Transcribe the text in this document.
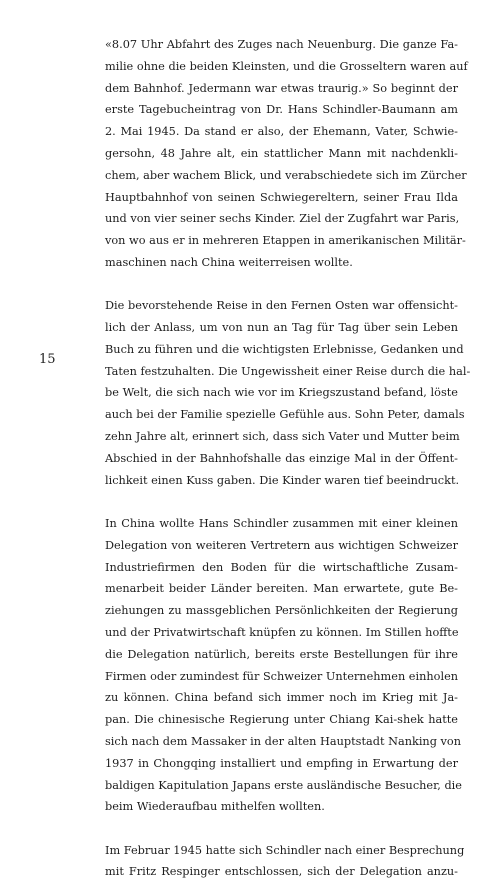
15

«8.07 Uhr Abfahrt des Zuges nach Neuenburg. Die ganze Fa-
milie ohne die beiden Kleinsten, und die Grosseltern waren auf
dem Bahnhof. Jedermann war etwas traurig.» So beginnt der
erste Tagebucheintrag von Dr. Hans Schindler-Baumann am
2. Mai 1945. Da stand er also, der Ehemann, Vater, Schwie-
gersohn, 48 Jahre alt, ein stattlicher Mann mit nachdenkli-
chem, aber wachem Blick, und verabschiedete sich im Zürcher
Hauptbahnhof von seinen Schwiegereltern, seiner Frau Ilda
und von vier seiner sechs Kinder. Ziel der Zugfahrt war Paris,
von wo aus er in mehreren Etappen in amerikanischen Militär-
maschinen nach China weiterreisen wollte.

Die bevorstehende Reise in den Fernen Osten war offensicht-
lich der Anlass, um von nun an Tag für Tag über sein Leben
Buch zu führen und die wichtigsten Erlebnisse, Gedanken und
Taten festzuhalten. Die Ungewissheit einer Reise durch die hal-
be Welt, die sich nach wie vor im Kriegszustand befand, löste
auch bei der Familie spezielle Gefühle aus. Sohn Peter, damals
zehn Jahre alt, erinnert sich, dass sich Vater und Mutter beim
Abschied in der Bahnhofshalle das einzige Mal in der Öffent-
lichkeit einen Kuss gaben. Die Kinder waren tief beeindruckt.

In China wollte Hans Schindler zusammen mit einer kleinen
Delegation von weiteren Vertretern aus wichtigen Schweizer
Industriefirmen den Boden für die wirtschaftliche Zusam-
menarbeit beider Länder bereiten. Man erwartete, gute Be-
ziehungen zu massgeblichen Persönlichkeiten der Regierung
und der Privatwirtschaft knüpfen zu können. Im Stillen hoffte
die Delegation natürlich, bereits erste Bestellungen für ihre
Firmen oder zumindest für Schweizer Unternehmen einholen
zu können. China befand sich immer noch im Krieg mit Ja-
pan. Die chinesische Regierung unter Chiang Kai-shek hatte
sich nach dem Massaker in der alten Hauptstadt Nanking von
1937 in Chongqing installiert und empfing in Erwartung der
baldigen Kapitulation Japans erste ausländische Besucher, die
beim Wiederaufbau mithelfen wollten.

Im Februar 1945 hatte sich Schindler nach einer Besprechung
mit Fritz Respinger entschlossen, sich der Delegation anzu-
